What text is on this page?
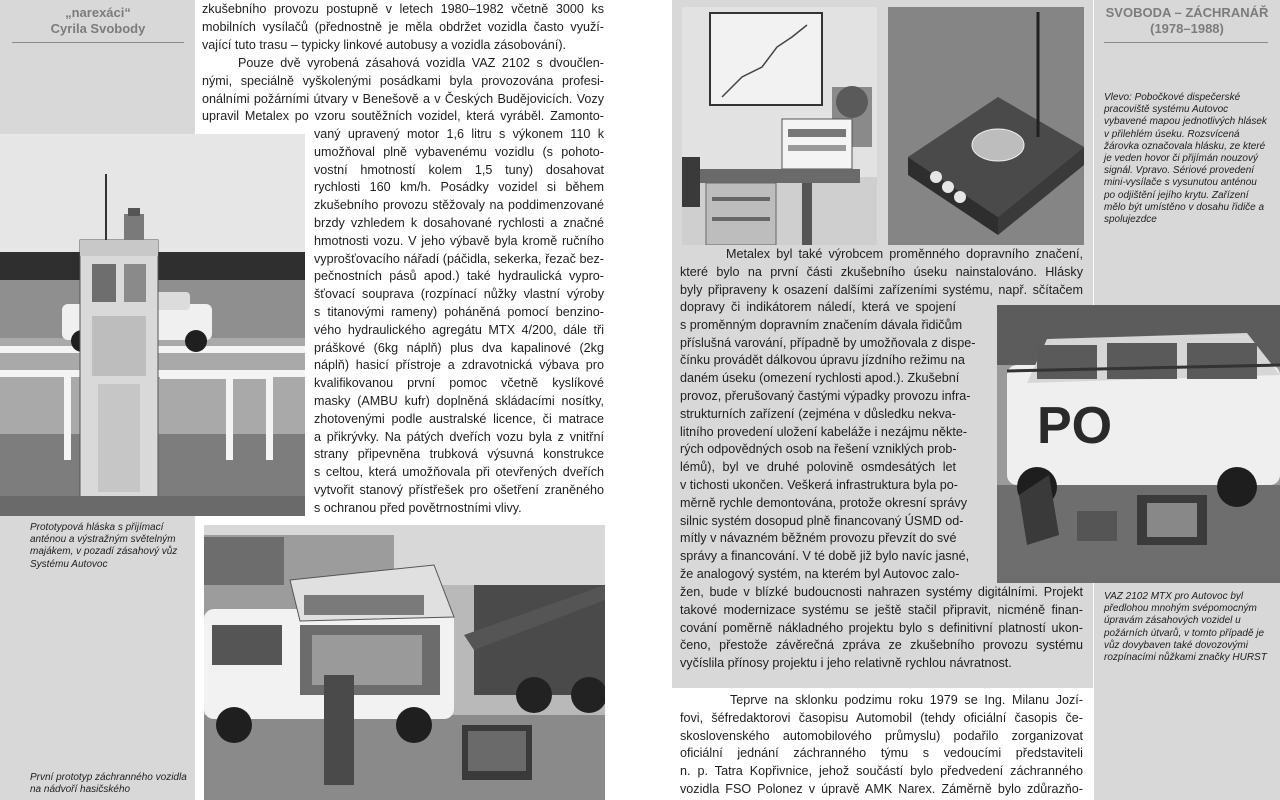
„narexáci“
Cyrila Svobody
zkušebního provozu postupně v letech 1980–1982 včetně 3000 ks
mobilních vysílačů (přednostně je měla obdržet vozidla často využí-
vající tuto trasu – typicky linkové autobusy a vozidla zásobování).
Pouze dvě vyrobená zásahová vozidla VAZ 2102 s dvoučlen-
nými, speciálně vyškolenými posádkami byla provozována profesi-
onálními požárními útvary v Benešově a v Českých Budějovicích. Vozy
upravil Metalex po vzoru soutěžních vozidel, která vyráběl. Zamonto-
vaný upravený motor 1,6 litru s výkonem 110 k
umožňoval plně vybavenému vozidlu (s pohoto-
vostní hmotností kolem 1,5 tuny) dosahovat
rychlosti 160 km/h. Posádky vozidel si během
zkušebního provozu stěžovaly na poddimenzované
brzdy vzhledem k dosahované rychlosti a značné
hmotnosti vozu. V jeho výbavě byla kromě ručního
vyprošťovacího nářadí (páčidla, sekerka, řezač bez-
pečnostních pásů apod.) také hydraulická vypro-
šťovací souprava (rozpínací nůžky vlastní výroby
s titanovými rameny) poháněná pomocí benzino-
vého hydraulického agregátu MTX 4/200, dále tři
práškové (6kg náplň) plus dva kapalinové (2kg
náplň) hasicí přístroje a zdravotnická výbava pro
kvalifikovanou první pomoc včetně kyslíkové
masky (AMBU kufr) doplněná skládacími nosítky,
zhotovenými podle australské licence, či matrace
a přikrývky. Na pátých dveřích vozu byla z vnitřní
strany připevněna trubková výsuvná konstrukce
s celtou, která umožňovala při otevřených dveřích
vytvořit stanový přístřešek pro ošetření zraněného
s ochranou před povětrnostními vlivy.
Prototypová hláska s přijímací anténou a výstražným světelným majákem, v pozadí zásahový vůz Systému Autovoc
První prototyp záchranného vozidla na nádvoří hasičského
SVOBODA – ZÁCHRANÁŘ
(1978–1988)
Vlevo: Pobočkové dispečerské pracoviště systému Autovoc vybavené mapou jednotlivých hlásek v přilehlém úseku. Rozsvícená žárovka označovala hlásku, ze které je veden hovor či přijímán nouzový signál. Vpravo. Sériové provedení mini-vysílače s vysunutou anténou po odjištění jejího krytu. Zařízení mělo být umístěno v dosahu řidiče a spolujezdce
Metalex byl také výrobcem proměnného dopravního značení,
které bylo na první části zkušebního úseku nainstalováno. Hlásky
byly připraveny k osazení dalšími zařízeními systému, např. sčítačem
dopravy či indikátorem náledí, která ve spojení
s proměnným dopravním značením dávala řidičům
příslušná varování, případně by umožňovala z dispe-
čínku provádět dálkovou úpravu jízdního režimu na
daném úseku (omezení rychlosti apod.). Zkušební
provoz, přerušovaný častými výpadky provozu infra-
strukturních zařízení (zejména v důsledku nekva-
litního provedení uložení kabeláže i nezájmu někte-
rých odpovědných osob na řešení vzniklých prob-
lémů), byl ve druhé polovině osmdesátých let
v tichosti ukončen. Veškerá infrastruktura byla po-
měrně rychle demontována, protože okresní správy
silnic systém dosopud plně financovaný ÚSMD od-
mítly v návazném běžném provozu převzít do své
správy a financování. V té době již bylo navíc jasné,
že analogový systém, na kterém byl Autovoc zalo-
žen, bude v blízké budoucnosti nahrazen systémy digitálními. Projekt
takové modernizace systému se ještě stačil připravit, nicméně finan-
cování poměrně nákladného projektu bylo s definitivní platností ukon-
čeno, přestože závěrečná zpráva ze zkušebního provozu systému
vyčíslila přínosy projektu i jeho relativně rychlou návratnost.
PO
VAZ 2102 MTX pro Autovoc byl předlohou mnohým svépomocným úpravám zásahových vozidel u požárních útvarů, v tomto případě je vůz dovybaven také dovozovými rozpínacími nůžkami značky HURST
Teprve na sklonku podzimu roku 1979 se Ing. Milanu Jozí-
fovi, šéfredaktorovi časopisu Automobil (tehdy oficiální časopis če-
skoslovenského automobilového průmyslu) podařilo zorganizovat
oficiální jednání záchranného týmu s vedoucími představiteli
n. p. Tatra Kopřivnice, jehož součástí bylo předvedení záchranného
vozidla FSO Polonez v úpravě AMK Narex. Záměrně bylo zdůrazňo-
